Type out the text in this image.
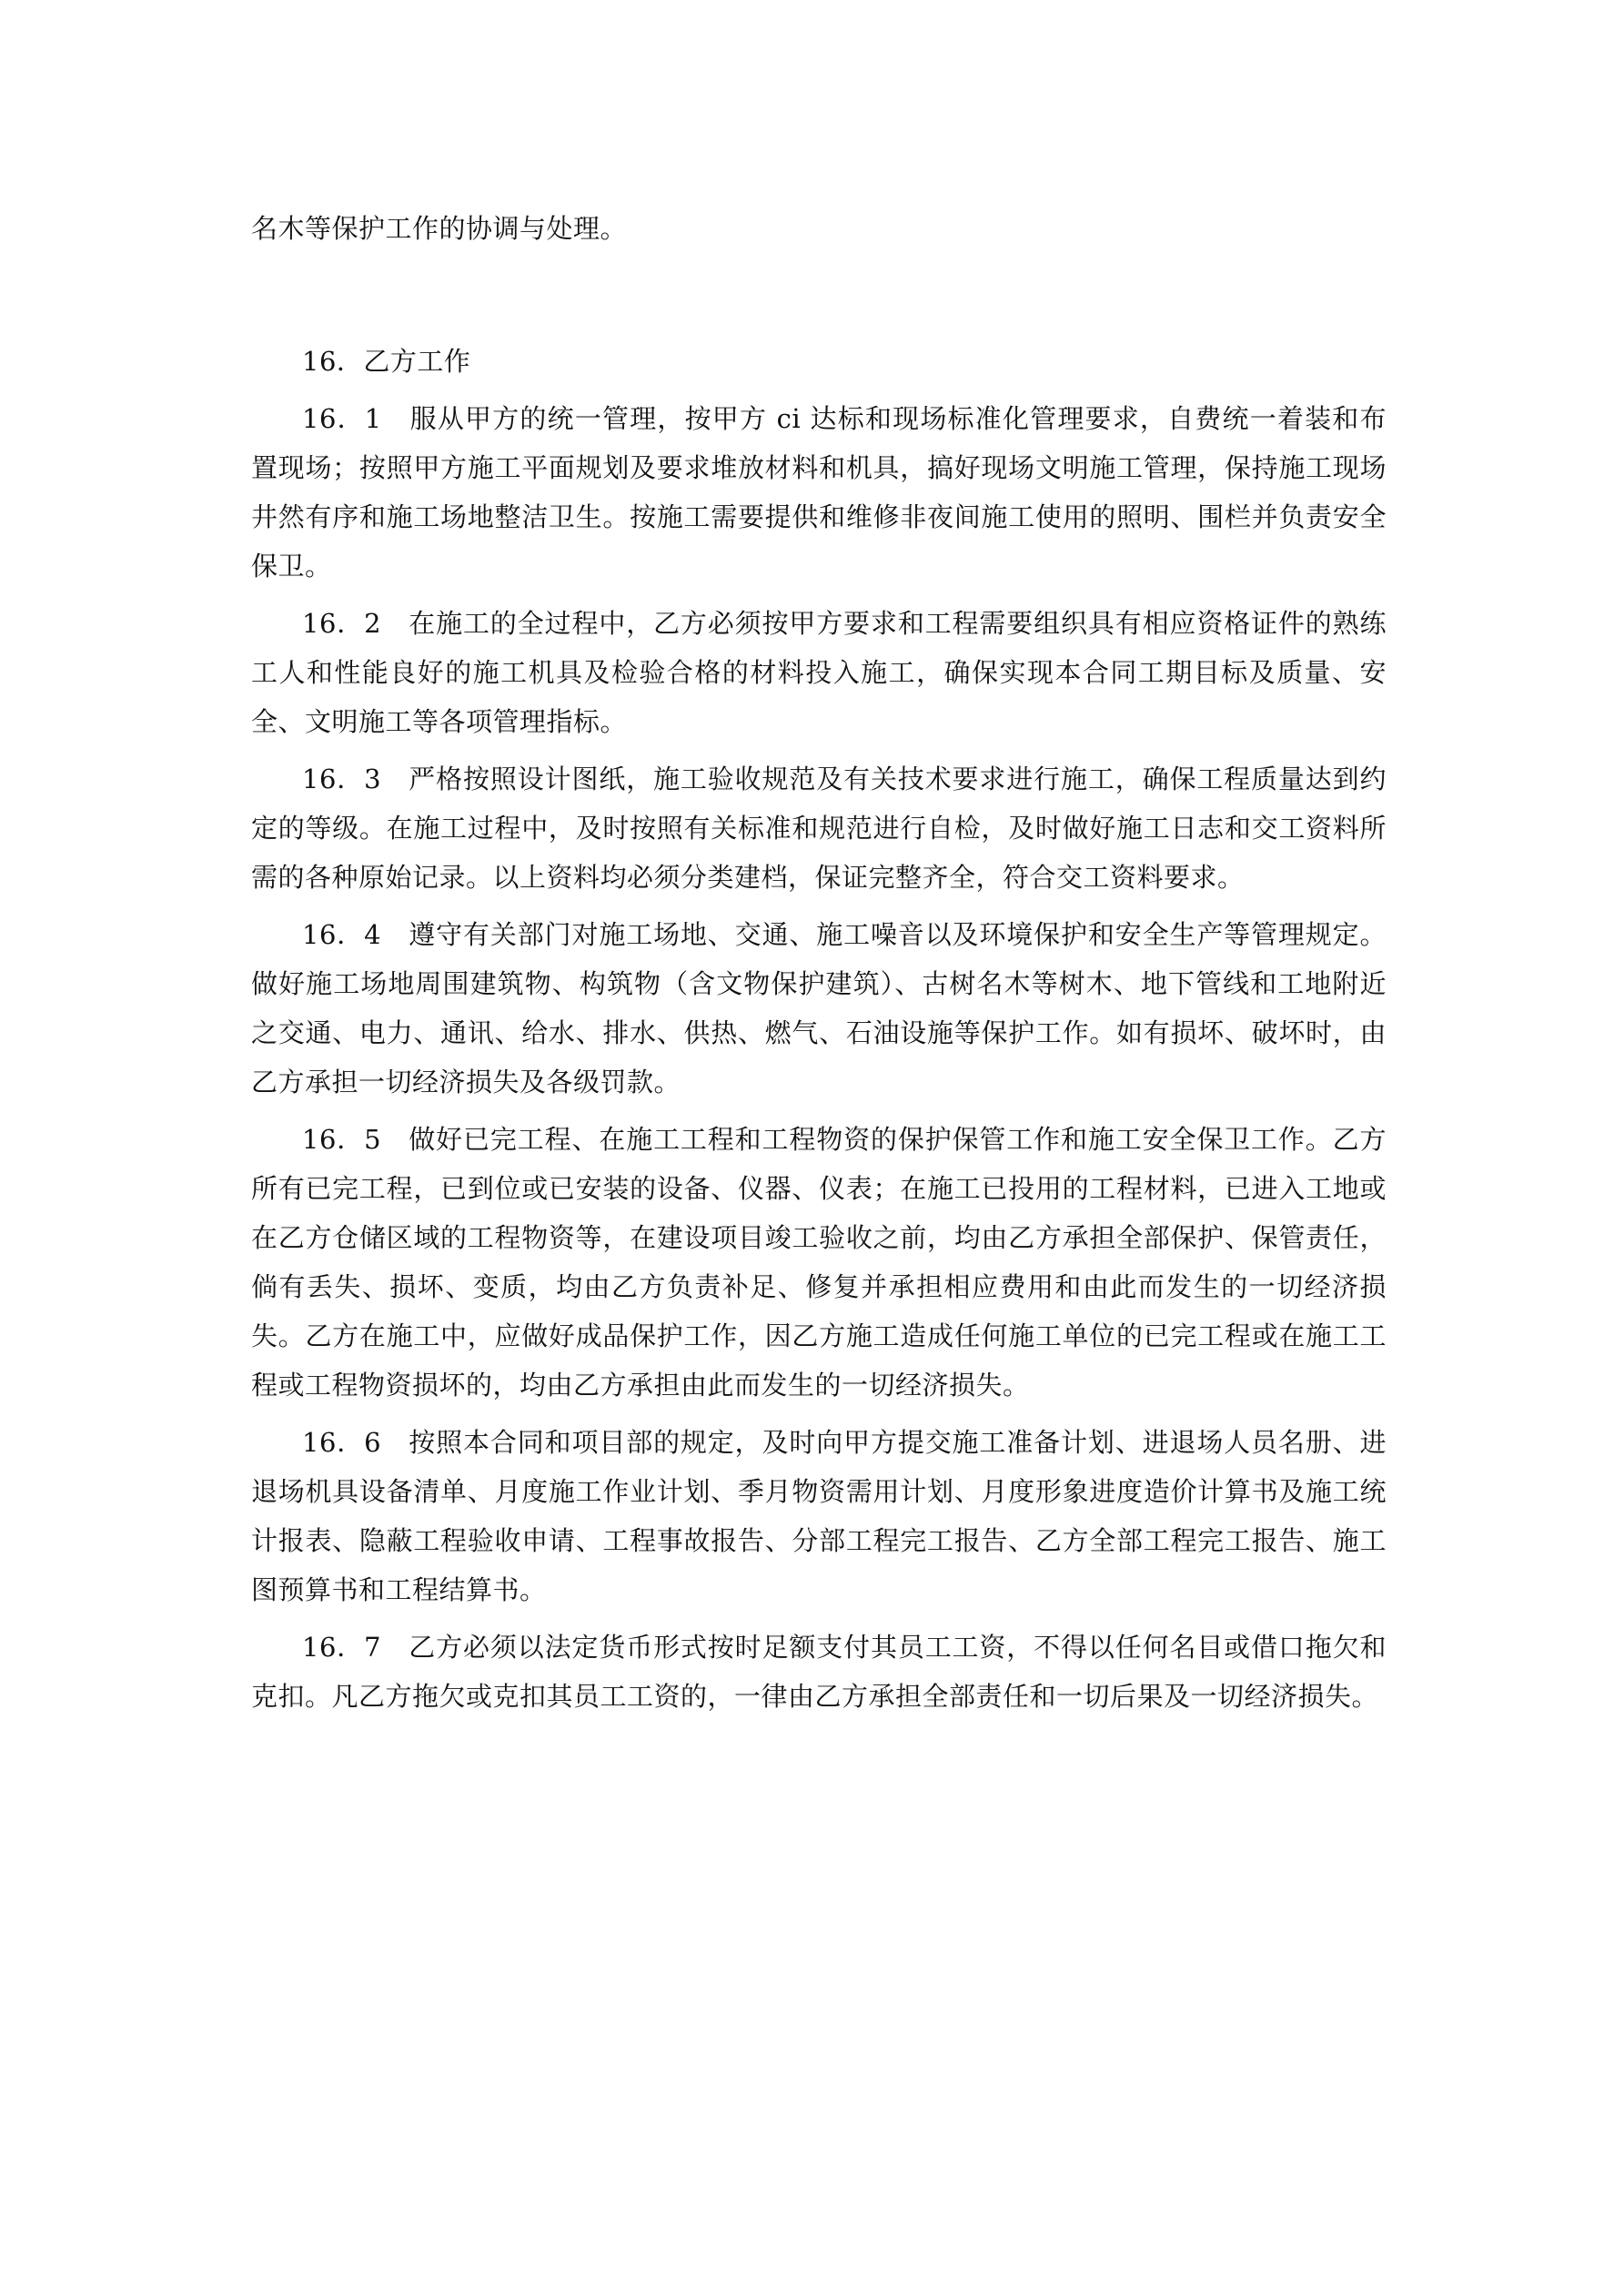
名木等保护工作的协调与处理。

16．乙方工作

16．1　服从甲方的统一管理，按甲方 ci 达标和现场标准化管理要求，自费统一着装和布置现场；按照甲方施工平面规划及要求堆放材料和机具，搞好现场文明施工管理，保持施工现场井然有序和施工场地整洁卫生。按施工需要提供和维修非夜间施工使用的照明、围栏并负责安全保卫。

16．2　在施工的全过程中，乙方必须按甲方要求和工程需要组织具有相应资格证件的熟练工人和性能良好的施工机具及检验合格的材料投入施工，确保实现本合同工期目标及质量、安全、文明施工等各项管理指标。

16．3　严格按照设计图纸，施工验收规范及有关技术要求进行施工，确保工程质量达到约定的等级。在施工过程中，及时按照有关标准和规范进行自检，及时做好施工日志和交工资料所需的各种原始记录。以上资料均必须分类建档，保证完整齐全，符合交工资料要求。

16．4　遵守有关部门对施工场地、交通、施工噪音以及环境保护和安全生产等管理规定。做好施工场地周围建筑物、构筑物（含文物保护建筑）、古树名木等树木、地下管线和工地附近之交通、电力、通讯、给水、排水、供热、燃气、石油设施等保护工作。如有损坏、破坏时，由乙方承担一切经济损失及各级罚款。

16．5　做好已完工程、在施工工程和工程物资的保护保管工作和施工安全保卫工作。乙方所有已完工程，已到位或已安装的设备、仪器、仪表；在施工已投用的工程材料，已进入工地或在乙方仓储区域的工程物资等，在建设项目竣工验收之前，均由乙方承担全部保护、保管责任，倘有丢失、损坏、变质，均由乙方负责补足、修复并承担相应费用和由此而发生的一切经济损失。乙方在施工中，应做好成品保护工作，因乙方施工造成任何施工单位的已完工程或在施工工程或工程物资损坏的，均由乙方承担由此而发生的一切经济损失。

16．6　按照本合同和项目部的规定，及时向甲方提交施工准备计划、进退场人员名册、进退场机具设备清单、月度施工作业计划、季月物资需用计划、月度形象进度造价计算书及施工统计报表、隐蔽工程验收申请、工程事故报告、分部工程完工报告、乙方全部工程完工报告、施工图预算书和工程结算书。

16．7　乙方必须以法定货币形式按时足额支付其员工工资，不得以任何名目或借口拖欠和克扣。凡乙方拖欠或克扣其员工工资的，一律由乙方承担全部责任和一切后果及一切经济损失。
